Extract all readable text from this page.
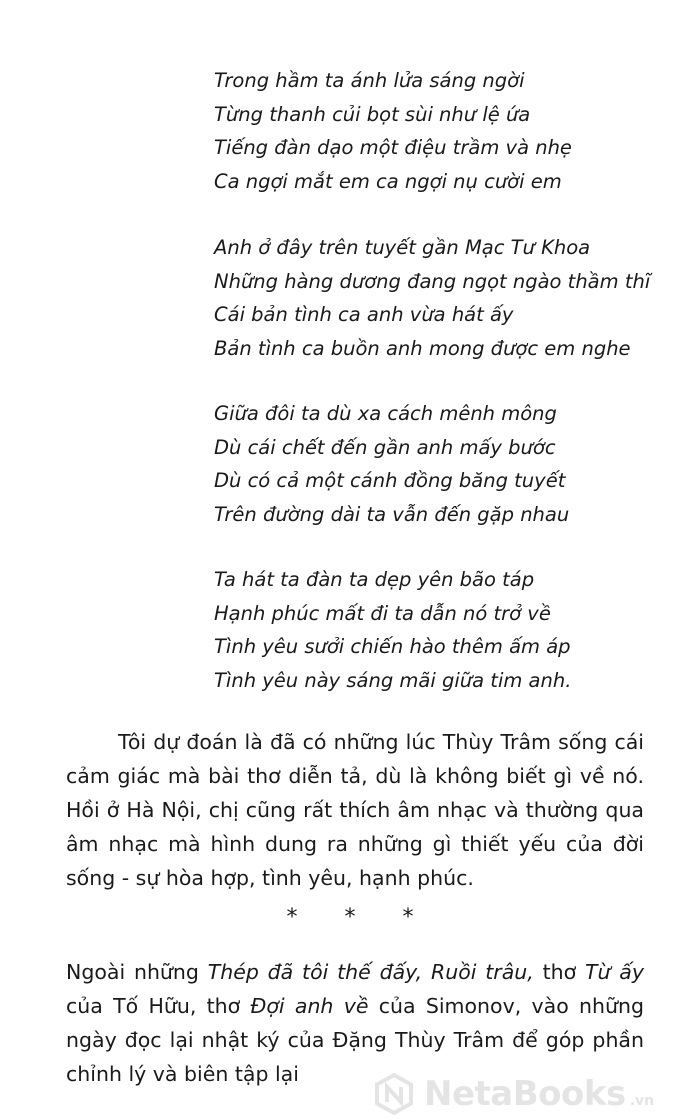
Trong hầm ta ánh lửa sáng ngời
Từng thanh củi bọt sùi như lệ ứa
Tiếng đàn dạo một điệu trầm và nhẹ
Ca ngợi mắt em ca ngợi nụ cười em
Anh ở đây trên tuyết gần Mạc Tư Khoa
Những hàng dương đang ngọt ngào thầm thĩ
Cái bản tình ca anh vừa hát ấy
Bản tình ca buồn anh mong được em nghe
Giữa đôi ta dù xa cách mênh mông
Dù cái chết đến gần anh mấy bước
Dù có cả một cánh đồng băng tuyết
Trên đường dài ta vẫn đến gặp nhau
Ta hát ta đàn ta dẹp yên bão táp
Hạnh phúc mất đi ta dẫn nó trở về
Tình yêu sưởi chiến hào thêm ấm áp
Tình yêu này sáng mãi giữa tim anh.

Tôi dự đoán là đã có những lúc Thùy Trâm sống cái cảm giác mà bài thơ diễn tả, dù là không biết gì về nó. Hồi ở Hà Nội, chị cũng rất thích âm nhạc và thường qua âm nhạc mà hình dung ra những gì thiết yếu của đời sống - sự hòa hợp, tình yêu, hạnh phúc.

* * *

Ngoài những Thép đã tôi thế đấy, Ruồi trâu, thơ Từ ấy của Tố Hữu, thơ Đợi anh về của Simonov, vào những ngày đọc lại nhật ký của Đặng Thùy Trâm để góp phần chỉnh lý và biên tập lại	NetaBooks .vn
